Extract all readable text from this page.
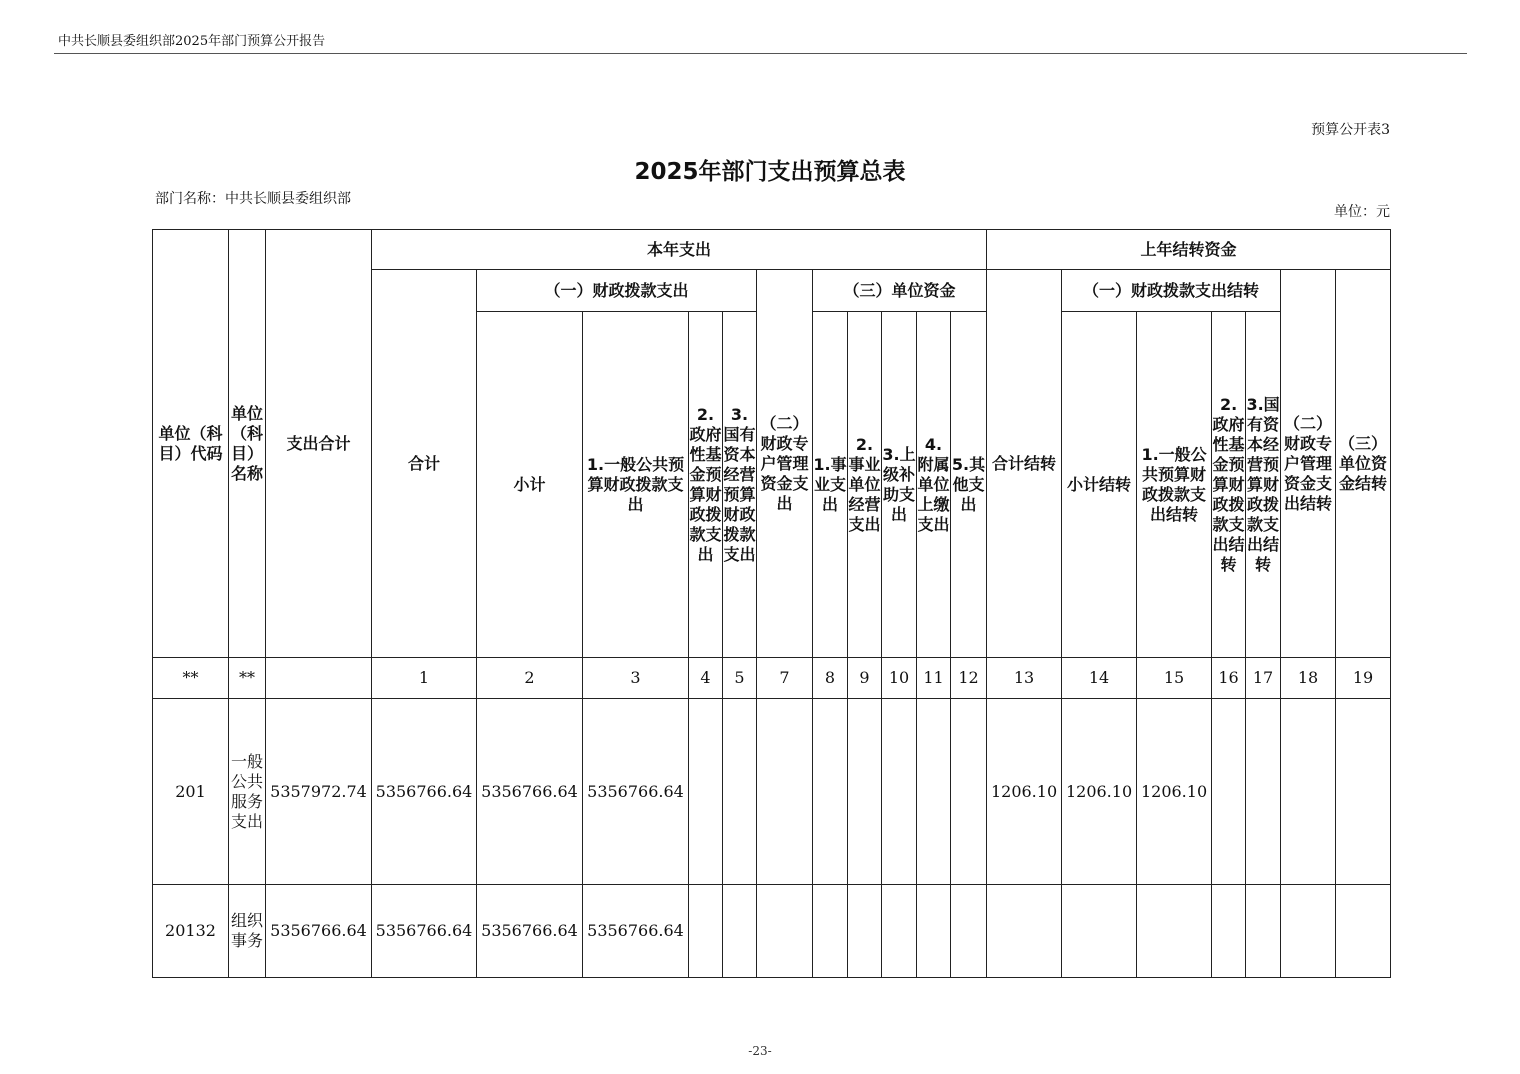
中共长顺县委组织部2025年部门预算公开报告
预算公开表3
2025年部门支出预算总表
部门名称：中共长顺县委组织部
单位：元
单位（科目）代码	单位（科目）名称	支出合计	本年支出											上年结转资金						
			合计	（一）财政拨款支出				（二）财政专户管理资金支出	（三）单位资金					合计结转	（一）财政拨款支出结转				（二）财政专户管理资金支出结转	（三）单位资金结转
				小计	1.一般公共预算财政拨款支出	2.政府性基金预算财政拨款支出	3.国有资本经营预算财政拨款支出		1.事业支出	2.事业单位经营支出	3.上级补助支出	4.附属单位上缴支出	5.其他支出		小计结转	1.一般公共预算财政拨款支出结转	2.政府性基金预算财政拨款支出结转	3.国有资本经营预算财政拨款支出结转		
**	**		1	2	3	4	5	7	8	9	10	11	12	13	14	15	16	17	18	19
201	一般公共服务支出	5357972.74	5356766.64	5356766.64	5356766.64									1206.10	1206.10	1206.10				
20132	组织事务	5356766.64	5356766.64	5356766.64	5356766.64															
-23-
